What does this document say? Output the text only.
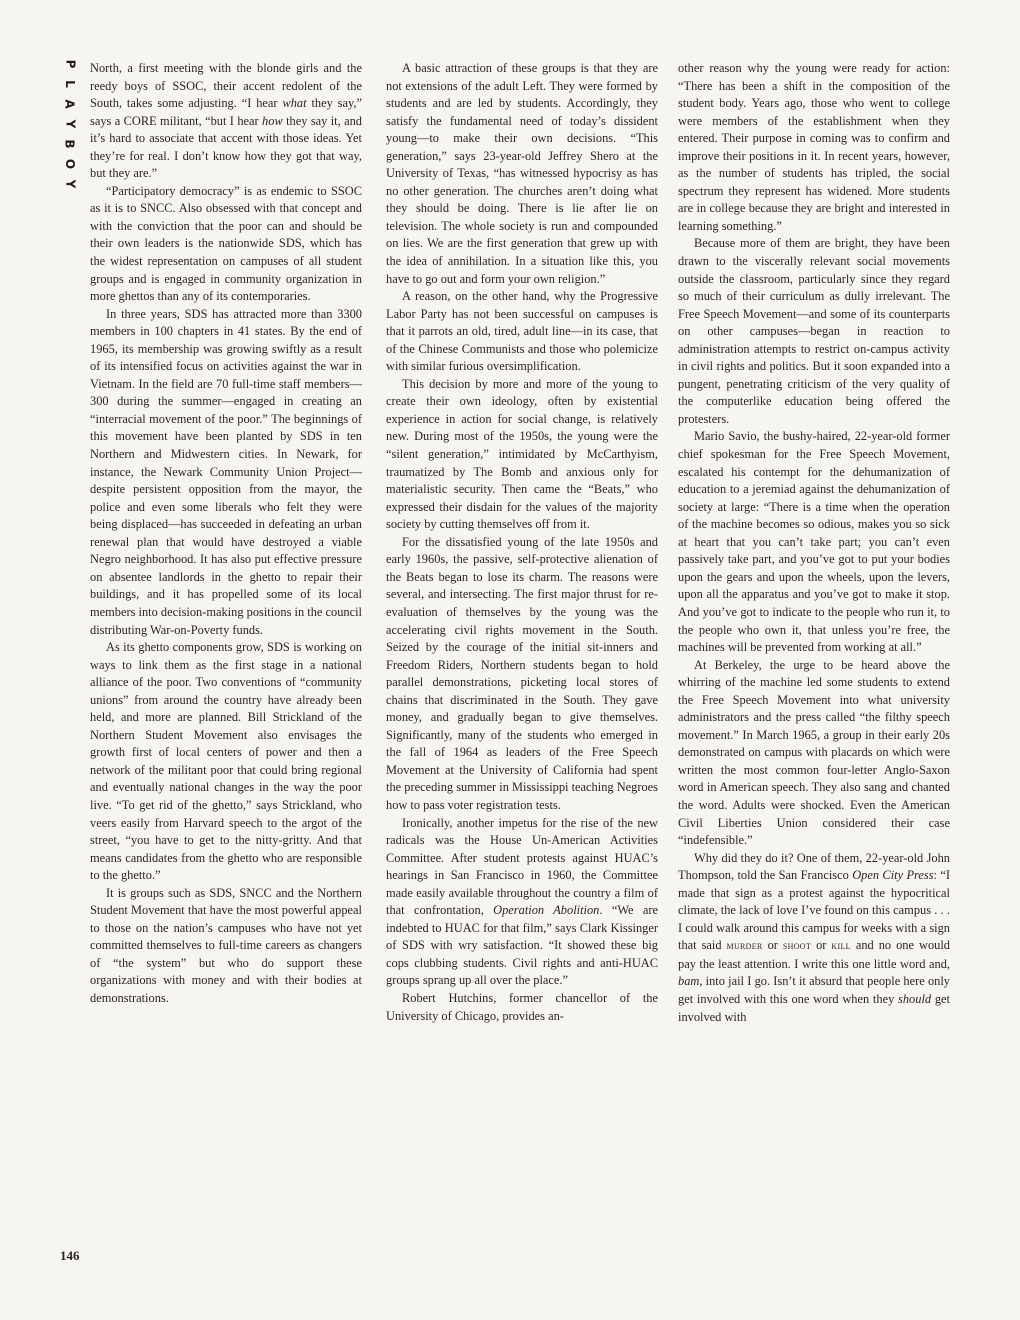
P
L
A
Y
B
O
Y
146

North, a first meeting with the blonde girls and the reedy boys of SSOC, their accent redolent of the South, takes some adjusting. “I hear what they say,” says a CORE militant, “but I hear how they say it, and it’s hard to associate that accent with those ideas. Yet they’re for real. I don’t know how they got that way, but they are.”

“Participatory democracy” is as endemic to SSOC as it is to SNCC. Also obsessed with that concept and with the conviction that the poor can and should be their own leaders is the nationwide SDS, which has the widest representation on campuses of all student groups and is engaged in community organization in more ghettos than any of its contemporaries.

In three years, SDS has attracted more than 3300 members in 100 chapters in 41 states. By the end of 1965, its membership was growing swiftly as a result of its intensified focus on activities against the war in Vietnam. In the field are 70 full-time staff members—300 during the summer—engaged in creating an “interracial movement of the poor.” The beginnings of this movement have been planted by SDS in ten Northern and Midwestern cities. In Newark, for instance, the Newark Community Union Project—despite persistent opposition from the mayor, the police and even some liberals who felt they were being displaced—has succeeded in defeating an urban renewal plan that would have destroyed a viable Negro neighborhood. It has also put effective pressure on absentee landlords in the ghetto to repair their buildings, and it has propelled some of its local members into decision-making positions in the council distributing War-on-Poverty funds.

As its ghetto components grow, SDS is working on ways to link them as the first stage in a national alliance of the poor. Two conventions of “community unions” from around the country have already been held, and more are planned. Bill Strickland of the Northern Student Movement also envisages the growth first of local centers of power and then a network of the militant poor that could bring regional and eventually national changes in the way the poor live. “To get rid of the ghetto,” says Strickland, who veers easily from Harvard speech to the argot of the street, “you have to get to the nitty-gritty. And that means candidates from the ghetto who are responsible to the ghetto.”

It is groups such as SDS, SNCC and the Northern Student Movement that have the most powerful appeal to those on the nation’s campuses who have not yet committed themselves to full-time careers as changers of “the system” but who do support these organizations with money and with their bodies at demonstrations.

A basic attraction of these groups is that they are not extensions of the adult Left. They were formed by students and are led by students. Accordingly, they satisfy the fundamental need of today’s dissident young—to make their own decisions. “This generation,” says 23-year-old Jeffrey Shero at the University of Texas, “has witnessed hypocrisy as has no other generation. The churches aren’t doing what they should be doing. There is lie after lie on television. The whole society is run and compounded on lies. We are the first generation that grew up with the idea of annihilation. In a situation like this, you have to go out and form your own religion.”

A reason, on the other hand, why the Progressive Labor Party has not been successful on campuses is that it parrots an old, tired, adult line—in its case, that of the Chinese Communists and those who polemicize with similar furious oversimplification.

This decision by more and more of the young to create their own ideology, often by existential experience in action for social change, is relatively new. During most of the 1950s, the young were the “silent generation,” intimidated by McCarthyism, traumatized by The Bomb and anxious only for materialistic security. Then came the “Beats,” who expressed their disdain for the values of the majority society by cutting themselves off from it.

For the dissatisfied young of the late 1950s and early 1960s, the passive, self-protective alienation of the Beats began to lose its charm. The reasons were several, and intersecting. The first major thrust for re-evaluation of themselves by the young was the accelerating civil rights movement in the South. Seized by the courage of the initial sit-inners and Freedom Riders, Northern students began to hold parallel demonstrations, picketing local stores of chains that discriminated in the South. They gave money, and gradually began to give themselves. Significantly, many of the students who emerged in the fall of 1964 as leaders of the Free Speech Movement at the University of California had spent the preceding summer in Mississippi teaching Negroes how to pass voter registration tests.

Ironically, another impetus for the rise of the new radicals was the House Un-American Activities Committee. After student protests against HUAC’s hearings in San Francisco in 1960, the Committee made easily available throughout the country a film of that confrontation, Operation Abolition. “We are indebted to HUAC for that film,” says Clark Kissinger of SDS with wry satisfaction. “It showed these big cops clubbing students. Civil rights and anti-HUAC groups sprang up all over the place.”

Robert Hutchins, former chancellor of the University of Chicago, provides an-

other reason why the young were ready for action: “There has been a shift in the composition of the student body. Years ago, those who went to college were members of the establishment when they entered. Their purpose in coming was to confirm and improve their positions in it. In recent years, however, as the number of students has tripled, the social spectrum they represent has widened. More students are in college because they are bright and interested in learning something.”

Because more of them are bright, they have been drawn to the viscerally relevant social movements outside the classroom, particularly since they regard so much of their curriculum as dully irrelevant. The Free Speech Movement—and some of its counterparts on other campuses—began in reaction to administration attempts to restrict on-campus activity in civil rights and politics. But it soon expanded into a pungent, penetrating criticism of the very quality of the computerlike education being offered the protesters.

Mario Savio, the bushy-haired, 22-year-old former chief spokesman for the Free Speech Movement, escalated his contempt for the dehumanization of education to a jeremiad against the dehumanization of society at large: “There is a time when the operation of the machine becomes so odious, makes you so sick at heart that you can’t take part; you can’t even passively take part, and you’ve got to put your bodies upon the gears and upon the wheels, upon the levers, upon all the apparatus and you’ve got to make it stop. And you’ve got to indicate to the people who run it, to the people who own it, that unless you’re free, the machines will be prevented from working at all.”

At Berkeley, the urge to be heard above the whirring of the machine led some students to extend the Free Speech Movement into what university administrators and the press called “the filthy speech movement.” In March 1965, a group in their early 20s demonstrated on campus with placards on which were written the most common four-letter Anglo-Saxon word in American speech. They also sang and chanted the word. Adults were shocked. Even the American Civil Liberties Union considered their case “indefensible.”

Why did they do it? One of them, 22-year-old John Thompson, told the San Francisco Open City Press: “I made that sign as a protest against the hypocritical climate, the lack of love I’ve found on this campus . . . I could walk around this campus for weeks with a sign that said murder or shoot or kill and no one would pay the least attention. I write this one little word and, bam, into jail I go. Isn’t it absurd that people here only get involved with this one word when they should get involved with
